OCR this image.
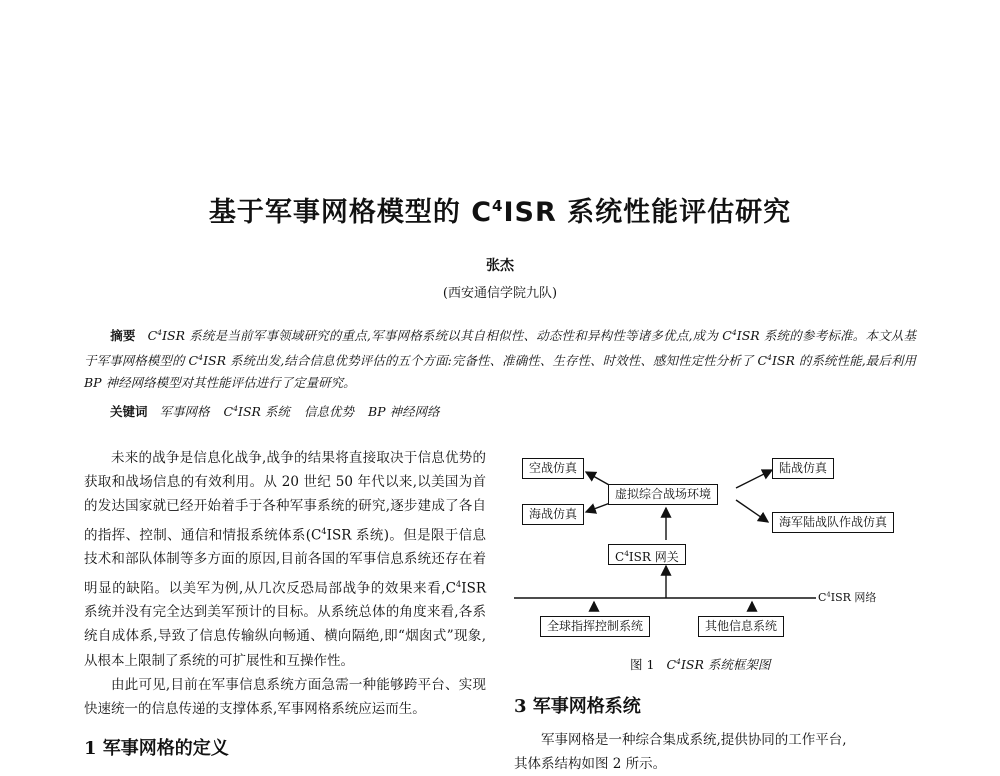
基于军事网格模型的 $C^4ISR$ 系统性能评估研究
张杰
(西安通信学院九队)
摘要 $C^4ISR$ 系统是当前军事领域研究的重点,军事网格系统以其自相似性、动态性和异构性等诸多优点,成为 $C^4ISR$ 系统的参考标准。本文从基于军事网格模型的 $C^4ISR$ 系统出发,结合信息优势评估的五个方面:完备性、准确性、生存性、时效性、感知性定性分析了 $C^4ISR$ 的系统性能,最后利用 BP 神经网络模型对其性能评估进行了定量研究。
关键词 军事网格 $C^4ISR$ 系统 信息优势 BP 神经网络

未来的战争是信息化战争,战争的结果将直接取决于信息优势的获取和战场信息的有效利用。从 20 世纪 50 年代以来,以美国为首的发达国家就已经开始着手于各种军事系统的研究,逐步建成了各自的指挥、控制、通信和情报系统体系($C^4ISR$ 系统)。但是限于信息技术和部队体制等多方面的原因,目前各国的军事信息系统还存在着明显的缺陷。以美军为例,从几次反恐局部战争的效果来看$,C^4ISR$ 系统并没有完全达到美军预计的目标。从系统总体的角度来看,各系统自成体系,导致了信息传输纵向畅通、横向隔绝,即“烟囱式”现象,从根本上限制了系统的可扩展性和互操作性。

由此可见,目前在军事信息系统方面急需一种能够跨平台、实现快速统一的信息传递的支撑体系,军事网格系统应运而生。

1 军事网格的定义
空战仿真	陆战仿真
虚拟综合战场环境
海战仿真
海军陆战队作战仿真
$C^4ISR$ 网关
全球指挥控制系统	其他信息系统
$C^4ISR$ 网络
图 1 $C^4ISR$ 系统框架图
3 军事网格系统
军事网格是一种综合集成系统,提供协同的工作平台,
其体系结构如图 2 所示。
